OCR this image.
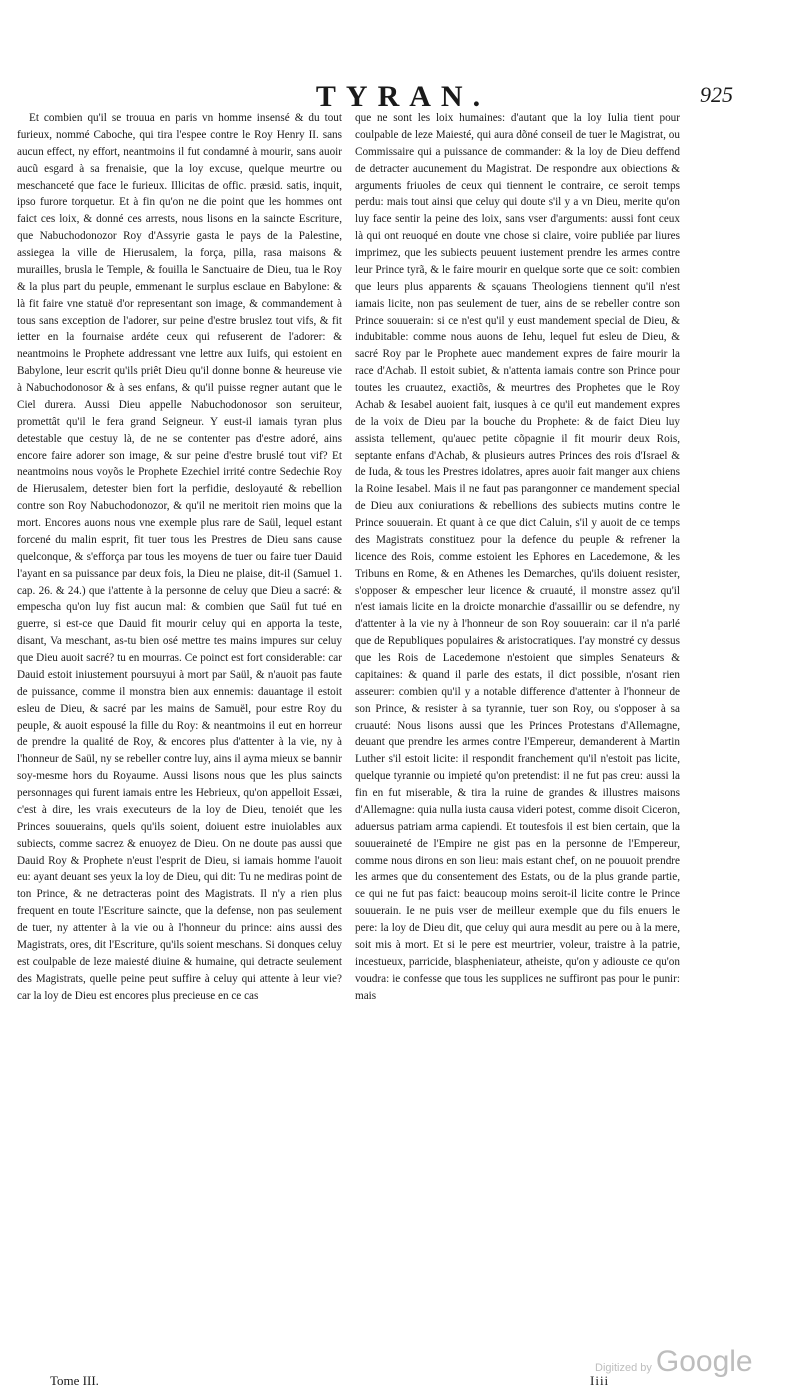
TYRAN.	925

Et combien qu'il se trouua en paris vn homme insensé & du tout furieux, nommé Caboche, qui tira l'espee contre le Roy Henry II. sans aucun effect, ny effort, neantmoins il fut condamné à mourir, sans auoir aucũ esgard à sa frenaisie, que la loy excuse, quelque meurtre ou meschanceté que face le furieux. Illicitas de offic. præsid. satis, inquit, ipso furore torquetur. Et à fin qu'on ne die point que les hommes ont faict ces loix, & donné ces arrests, nous lisons en la saincte Escriture, que Nabuchodonozor Roy d'Assyrie gasta le pays de la Palestine, assiegea la ville de Hierusalem, la força, pilla, rasa maisons & murailles, brusla le Temple, & fouilla le Sanctuaire de Dieu, tua le Roy & la plus part du peuple, emmenant le surplus esclaue en Babylone: & là fit faire vne statuë d'or representant son image, & commandement à tous sans exception de l'adorer, sur peine d'estre bruslez tout vifs, & fit ietter en la fournaise ardéte ceux qui refuserent de l'adorer: & neantmoins le Prophete addressant vne lettre aux Iuifs, qui estoient en Babylone, leur escrit qu'ils priêt Dieu qu'il donne bonne & heureuse vie à Nabuchodonosor & à ses enfans, & qu'il puisse regner autant que le Ciel durera. Aussi Dieu appelle Nabuchodonosor son seruiteur, promettât qu'il le fera grand Seigneur. Y eust-il iamais tyran plus detestable que cestuy là, de ne se contenter pas d'estre adoré, ains encore faire adorer son image, & sur peine d'estre bruslé tout vif? Et neantmoins nous voyõs le Prophete Ezechiel irrité contre Sedechie Roy de Hierusalem, detester bien fort la perfidie, desloyauté & rebellion contre son Roy Nabuchodonozor, & qu'il ne meritoit rien moins que la mort. Encores auons nous vne exemple plus rare de Saül, lequel estant forcené du malin esprit, fit tuer tous les Prestres de Dieu sans cause quelconque, & s'efforça par tous les moyens de tuer ou faire tuer Dauid l'ayant en sa puissance par deux fois, la Dieu ne plaise, dit-il (Samuel 1. cap. 26. & 24.) que i'attente à la personne de celuy que Dieu a sacré: & empescha qu'on luy fist aucun mal: & combien que Saül fut tué en guerre, si est-ce que Dauid fit mourir celuy qui en apporta la teste, disant, Va meschant, as-tu bien osé mettre tes mains impures sur celuy que Dieu auoit sacré? tu en mourras. Ce poinct est fort considerable: car Dauid estoit iniustement poursuyui à mort par Saül, & n'auoit pas faute de puissance, comme il monstra bien aux ennemis: dauantage il estoit esleu de Dieu, & sacré par les mains de Samuël, pour estre Roy du peuple, & auoit espousé la fille du Roy: & neantmoins il eut en horreur de prendre la qualité de Roy, & encores plus d'attenter à la vie, ny à l'honneur de Saül, ny se rebeller contre luy, ains il ayma mieux se bannir soy-mesme hors du Royaume. Aussi lisons nous que les plus saincts personnages qui furent iamais entre les Hebrieux, qu'on appelloit Essæi, c'est à dire, les vrais executeurs de la loy de Dieu, tenoiét que les Princes souuerains, quels qu'ils soient, doiuent estre inuiolables aux subiects, comme sacrez & enuoyez de Dieu. On ne doute pas aussi que Dauid Roy & Prophete n'eust l'esprit de Dieu, si iamais homme l'auoit eu: ayant deuant ses yeux la loy de Dieu, qui dit: Tu ne mediras point de ton Prince, & ne detracteras point des Magistrats. Il n'y a rien plus frequent en toute l'Escriture saincte, que la defense, non pas seulement de tuer, ny attenter à la vie ou à l'honneur du prince: ains aussi des Magistrats, ores, dit l'Escriture, qu'ils soient meschans. Si donques celuy est coulpable de leze maiesté diuine & humaine, qui detracte seulement des Magistrats, quelle peine peut suffire à celuy qui attente à leur vie? car la loy de Dieu est encores plus precieuse en ce cas

que ne sont les loix humaines: d'autant que la loy Iulia tient pour coulpable de leze Maiesté, qui aura dõné conseil de tuer le Magistrat, ou Commissaire qui a puissance de commander: & la loy de Dieu deffend de detracter aucunement du Magistrat. De respondre aux obiections & arguments friuoles de ceux qui tiennent le contraire, ce seroit temps perdu: mais tout ainsi que celuy qui doute s'il y a vn Dieu, merite qu'on luy face sentir la peine des loix, sans vser d'arguments: aussi font ceux là qui ont reuoqué en doute vne chose si claire, voire publiée par liures imprimez, que les subiects peuuent iustement prendre les armes contre leur Prince tyrã, & le faire mourir en quelque sorte que ce soit: combien que leurs plus apparents & sçauans Theologiens tiennent qu'il n'est iamais licite, non pas seulement de tuer, ains de se rebeller contre son Prince souuerain: si ce n'est qu'il y eust mandement special de Dieu, & indubitable: comme nous auons de Iehu, lequel fut esleu de Dieu, & sacré Roy par le Prophete auec mandement expres de faire mourir la race d'Achab. Il estoit subiet, & n'attenta iamais contre son Prince pour toutes les cruautez, exactiõs, & meurtres des Prophetes que le Roy Achab & Iesabel auoient fait, iusques à ce qu'il eut mandement expres de la voix de Dieu par la bouche du Prophete: & de faict Dieu luy assista tellement, qu'auec petite cõpagnie il fit mourir deux Rois, septante enfans d'Achab, & plusieurs autres Princes des rois d'Israel & de Iuda, & tous les Prestres idolatres, apres auoir fait manger aux chiens la Roine Iesabel. Mais il ne faut pas parangonner ce mandement special de Dieu aux coniurations & rebellions des subiects mutins contre le Prince souuerain. Et quant à ce que dict Caluin, s'il y auoit de ce temps des Magistrats constituez pour la defence du peuple & refrener la licence des Rois, comme estoient les Ephores en Lacedemone, & les Tribuns en Rome, & en Athenes les Demarches, qu'ils doiuent resister, s'opposer & empescher leur licence & cruauté, il monstre assez qu'il n'est iamais licite en la droicte monarchie d'assaillir ou se defendre, ny d'attenter à la vie ny à l'honneur de son Roy souuerain: car il n'a parlé que de Republiques populaires & aristocratiques. I'ay monstré cy dessus que les Rois de Lacedemone n'estoient que simples Senateurs & capitaines: & quand il parle des estats, il dict possible, n'osant rien asseurer: combien qu'il y a notable difference d'attenter à l'honneur de son Prince, & resister à sa tyrannie, tuer son Roy, ou s'opposer à sa cruauté: Nous lisons aussi que les Princes Protestans d'Allemagne, deuant que prendre les armes contre l'Empereur, demanderent à Martin Luther s'il estoit licite: il respondit franchement qu'il n'estoit pas licite, quelque tyrannie ou impieté qu'on pretendist: il ne fut pas creu: aussi la fin en fut miserable, & tira la ruine de grandes & illustres maisons d'Allemagne: quia nulla iusta causa videri potest, comme disoit Ciceron, aduersus patriam arma capiendi. Et toutesfois il est bien certain, que la souueraineté de l'Empire ne gist pas en la personne de l'Empereur, comme nous dirons en son lieu: mais estant chef, on ne pouuoit prendre les armes que du consentement des Estats, ou de la plus grande partie, ce qui ne fut pas faict: beaucoup moins seroit-il licite contre le Prince souuerain. Ie ne puis vser de meilleur exemple que du fils enuers le pere: la loy de Dieu dit, que celuy qui aura mesdit au pere ou à la mere, soit mis à mort. Et si le pere est meurtrier, voleur, traistre à la patrie, incestueux, parricide, blaspheniateur, atheiste, qu'on y adiouste ce qu'on voudra: ie confesse que tous les supplices ne suffiront pas pour le punir: mais

Tome III.	Iiii
Digitized by Google
